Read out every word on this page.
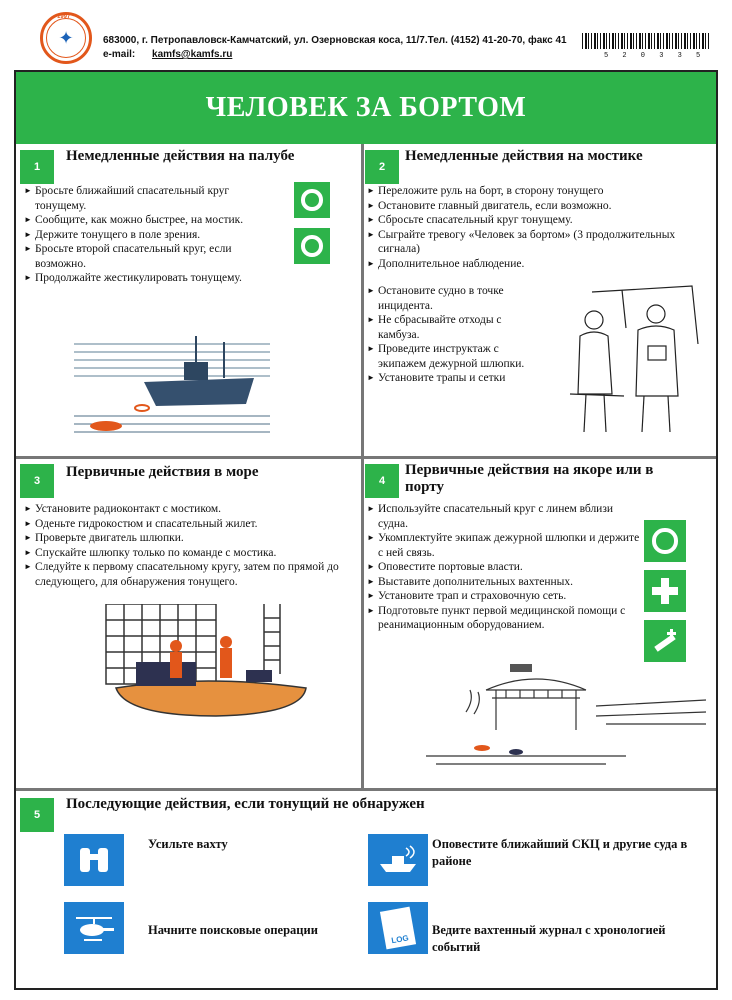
1997
✦	683000, г. Петропавловск-Камчатский, ул. Озерновская коса, 11/7.Тел. (4152) 41-20-70, факс 41
e-mail: kamfs@kamfs.ru	5 2 0 3 3 5
ЧЕЛОВЕК ЗА БОРТОМ
1
Немедленные действия на палубе
► Бросьте ближайший спасательный круг тонущему.
► Сообщите, как можно быстрее, на мостик.
► Держите тонущего в поле зрения.
► Бросьте второй спасательный круг, если возможно.
► Продолжайте жестикулировать тонущему.
2
Немедленные действия на мостике
► Переложите руль на борт, в сторону тонущего
► Остановите главный двигатель, если возможно.
► Сбросьте спасательный круг тонущему.
► Сыграйте тревогу «Человек за бортом» (3 продолжительных сигнала)
► Дополнительное наблюдение.
► Остановите судно в точке инцидента.
► Не сбрасывайте отходы с камбуза.
► Проведите инструктаж с экипажем дежурной шлюпки.
► Установите трапы и сетки
3
Первичные действия в море
► Установите радиоконтакт с мостиком.
► Оденьте гидрокостюм и спасательный жилет.
► Проверьте двигатель шлюпки.
► Спускайте шлюпку только по команде с мостика.
► Следуйте к первому спасательному кругу, затем по прямой до следующего, для обнаружения тонущего.
4
Первичные действия на якоре или в порту
► Используйте спасательный круг с линем вблизи судна.
► Укомплектуйте экипаж дежурной шлюпки и держите с ней связь.
► Оповестите портовые власти.
► Выставите дополнительных вахтенных.
► Установите трап и страховочную сеть.
► Подготовьте пункт первой медицинской помощи с реанимационным оборудованием.
5
Последующие действия, если тонущий не обнаружен
Усильте вахту	Оповестите ближайший СКЦ и другие суда в районе
Начните поисковые операции
LOG
Ведите вахтенный журнал с хронологией событий
